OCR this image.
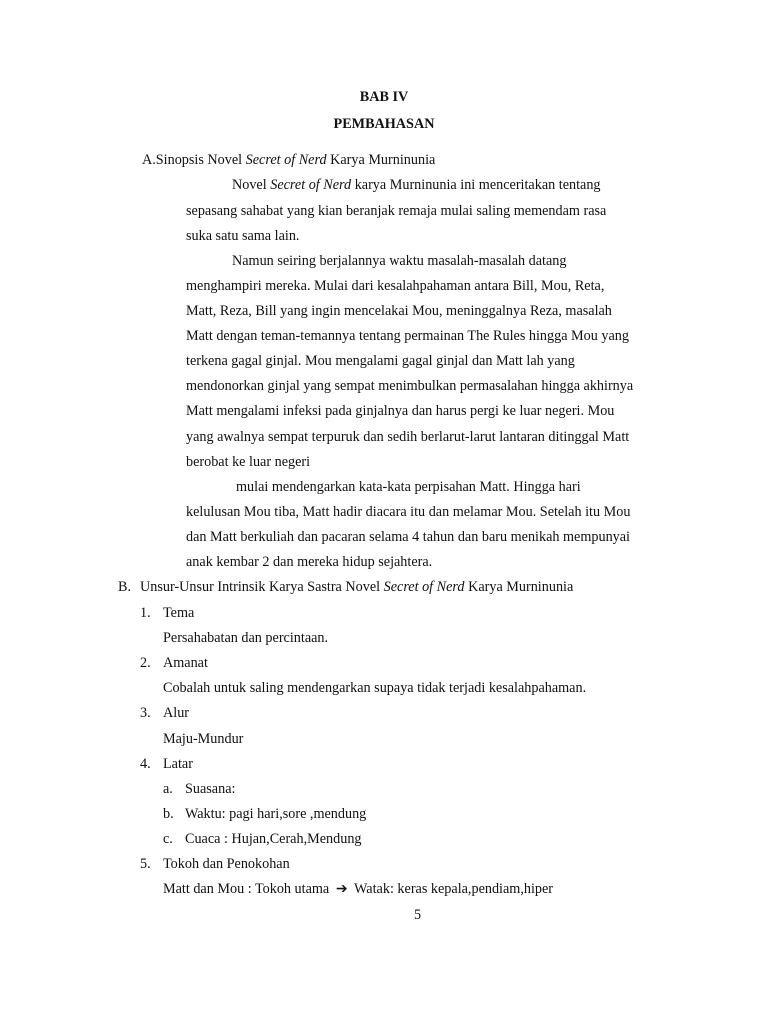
BAB IV
PEMBAHASAN
A.Sinopsis Novel Secret of Nerd Karya Murninunia
Novel Secret of Nerd karya Murninunia ini menceritakan tentang
sepasang sahabat yang kian beranjak remaja mulai saling memendam rasa
suka satu sama lain.
Namun seiring berjalannya waktu masalah-masalah datang
menghampiri mereka. Mulai dari kesalahpahaman antara Bill, Mou, Reta,
Matt, Reza, Bill yang ingin mencelakai Mou, meninggalnya Reza, masalah
Matt dengan teman-temannya tentang permainan The Rules hingga Mou yang
terkena gagal ginjal. Mou mengalami gagal ginjal dan Matt lah yang
mendonorkan ginjal yang sempat menimbulkan permasalahan hingga akhirnya
Matt mengalami infeksi pada ginjalnya dan harus pergi ke luar negeri. Mou
yang awalnya sempat terpuruk dan sedih berlarut-larut lantaran ditinggal Matt
berobat ke luar negeri
mulai mendengarkan kata-kata perpisahan Matt. Hingga hari
kelulusan Mou tiba, Matt hadir diacara itu dan melamar Mou. Setelah itu Mou
dan Matt berkuliah dan pacaran selama 4 tahun dan baru menikah mempunyai
anak kembar 2 dan mereka hidup sejahtera.
B. Unsur-Unsur Intrinsik Karya Sastra Novel Secret of Nerd Karya Murninunia
1. Tema
Persahabatan dan percintaan.
2. Amanat
Cobalah untuk saling mendengarkan supaya tidak terjadi kesalahpahaman.
3. Alur
Maju-Mundur
4. Latar
a. Suasana:
b. Waktu: pagi hari,sore ,mendung
c. Cuaca : Hujan,Cerah,Mendung
5. Tokoh dan Penokohan
Matt dan Mou : Tokoh utama ➔ Watak: keras kepala,pendiam,hiper
5
